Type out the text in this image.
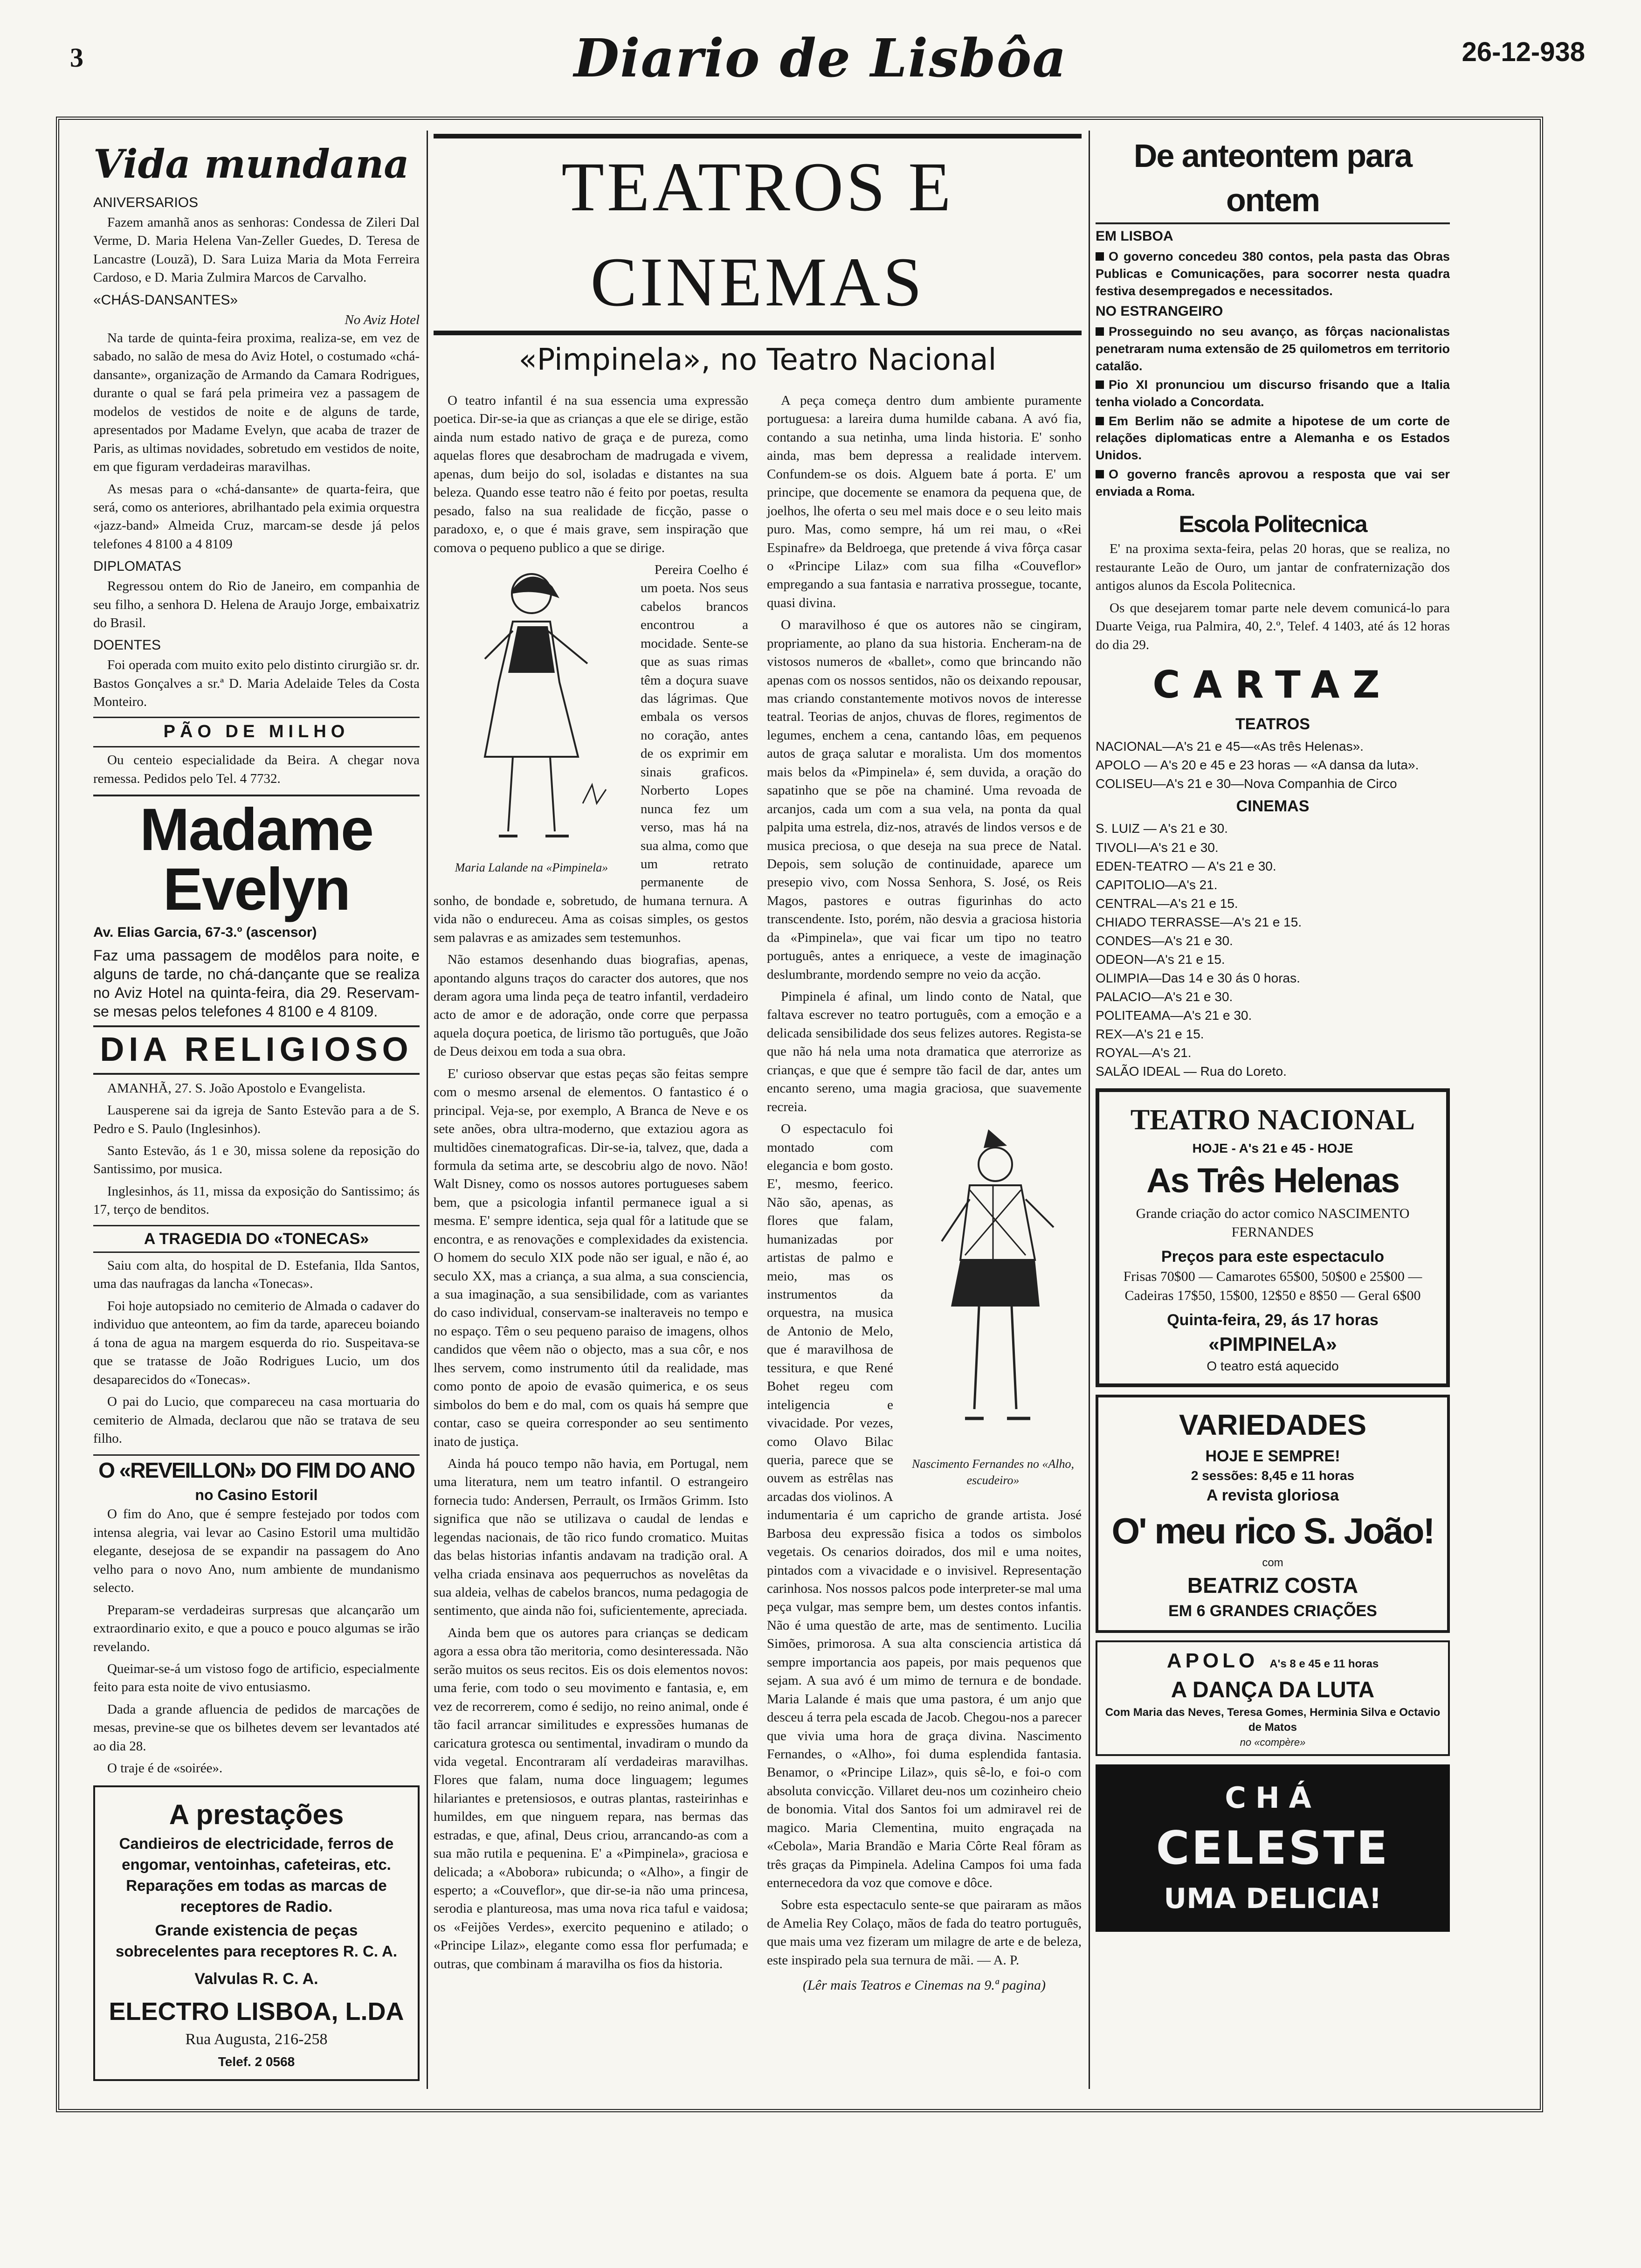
3	Diario de Lisbôa	26-12-938
Vida mundana
ANIVERSARIOS

Fazem amanhã anos as senhoras: Condessa de Zileri Dal Verme, D. Maria Helena Van-Zeller Guedes, D. Teresa de Lancastre (Louzã), D. Sara Luiza Maria da Mota Ferreira Cardoso, e D. Maria Zulmira Marcos de Carvalho.

«CHÁS-DANSANTES»
No Aviz Hotel

Na tarde de quinta-feira proxima, realiza-se, em vez de sabado, no salão de mesa do Aviz Hotel, o costumado «chá-dansante», organização de Armando da Camara Rodrigues, durante o qual se fará pela primeira vez a passagem de modelos de vestidos de noite e de alguns de tarde, apresentados por Madame Evelyn, que acaba de trazer de Paris, as ultimas novidades, sobretudo em vestidos de noite, em que figuram verdadeiras maravilhas.

As mesas para o «chá-dansante» de quarta-feira, que será, como os anteriores, abrilhantado pela eximia orquestra «jazz-band» Almeida Cruz, marcam-se desde já pelos telefones 4 8100 a 4 8109

DIPLOMATAS

Regressou ontem do Rio de Janeiro, em companhia de seu filho, a senhora D. Helena de Araujo Jorge, embaixatriz do Brasil.

DOENTES

Foi operada com muito exito pelo distinto cirurgião sr. dr. Bastos Gonçalves a sr.ª D. Maria Adelaide Teles da Costa Monteiro.

PÃO DE MILHO

Ou centeio especialidade da Beira. A chegar nova remessa. Pedidos pelo Tel. 4 7732.

Madame Evelyn

Av. Elias Garcia, 67-3.º (ascensor)

Faz uma passagem de modêlos para noite, e alguns de tarde, no chá-dançante que se realiza no Aviz Hotel na quinta-feira, dia 29. Reservam-se mesas pelos telefones 4 8100 e 4 8109.

DIA RELIGIOSO

AMANHÃ, 27. S. João Apostolo e Evangelista.

Lausperene sai da igreja de Santo Estevão para a de S. Pedro e S. Paulo (Inglesinhos).

Santo Estevão, ás 1 e 30, missa solene da reposição do Santissimo, por musica.

Inglesinhos, ás 11, missa da exposição do Santissimo; ás 17, terço de benditos.

A TRAGEDIA DO «TONECAS»

Saiu com alta, do hospital de D. Estefania, Ilda Santos, uma das naufragas da lancha «Tonecas».

Foi hoje autopsiado no cemiterio de Almada o cadaver do individuo que anteontem, ao fim da tarde, apareceu boiando á tona de agua na margem esquerda do rio. Suspeitava-se que se tratasse de João Rodrigues Lucio, um dos desaparecidos do «Tonecas».

O pai do Lucio, que compareceu na casa mortuaria do cemiterio de Almada, declarou que não se tratava de seu filho.

O «REVEILLON» DO FIM DO ANO
no Casino Estoril

O fim do Ano, que é sempre festejado por todos com intensa alegria, vai levar ao Casino Estoril uma multidão elegante, desejosa de se expandir na passagem do Ano velho para o novo Ano, num ambiente de mundanismo selecto.

Preparam-se verdadeiras surpresas que alcançarão um extraordinario exito, e que a pouco e pouco algumas se irão revelando.

Queimar-se-á um vistoso fogo de artificio, especialmente feito para esta noite de vivo entusiasmo.

Dada a grande afluencia de pedidos de marcações de mesas, previne-se que os bilhetes devem ser levantados até ao dia 28.

O traje é de «soirée».

A prestações
Candieiros de electricidade, ferros de engomar, ventoinhas, cafeteiras, etc. Reparações em todas as marcas de receptores de Radio.
Grande existencia de peças sobrecelentes para receptores R. C. A.
Valvulas R. C. A.
ELECTRO LISBOA, L.DA
Rua Augusta, 216-258
Telef. 2 0568
TEATROS E CINEMAS
«Pimpinela», no Teatro Nacional

O teatro infantil é na sua essencia uma expressão poetica. Dir-se-ia que as crianças a que ele se dirige, estão ainda num estado nativo de graça e de pureza, como aquelas flores que desabrocham de madrugada e vivem, apenas, dum beijo do sol, isoladas e distantes na sua beleza. Quando esse teatro não é feito por poetas, resulta pesado, falso na sua realidade de ficção, passe o paradoxo, e, o que é mais grave, sem inspiração que comova o pequeno publico a que se dirige.

Maria Lalande na «Pimpinela»

Pereira Coelho é um poeta. Nos seus cabelos brancos encontrou a mocidade. Sente-se que as suas rimas têm a doçura suave das lágrimas. Que embala os versos no coração, antes de os exprimir em sinais graficos. Norberto Lopes nunca fez um verso, mas há na sua alma, como que um retrato permanente de sonho, de bondade e, sobretudo, de humana ternura. A vida não o endureceu. Ama as coisas simples, os gestos sem palavras e as amizades sem testemunhos.

Não estamos desenhando duas biografias, apenas, apontando alguns traços do caracter dos autores, que nos deram agora uma linda peça de teatro infantil, verdadeiro acto de amor e de adoração, onde corre que perpassa aquela doçura poetica, de lirismo tão português, que João de Deus deixou em toda a sua obra.

E' curioso observar que estas peças são feitas sempre com o mesmo arsenal de elementos. O fantastico é o principal. Veja-se, por exemplo, A Branca de Neve e os sete anões, obra ultra-moderno, que extaziou agora as multidões cinematograficas. Dir-se-ia, talvez, que, dada a formula da setima arte, se descobriu algo de novo. Não! Walt Disney, como os nossos autores portugueses sabem bem, que a psicologia infantil permanece igual a si mesma. E' sempre identica, seja qual fôr a latitude que se encontra, e as renovações e complexidades da existencia. O homem do seculo XIX pode não ser igual, e não é, ao seculo XX, mas a criança, a sua alma, a sua consciencia, a sua imaginação, a sua sensibilidade, com as variantes do caso individual, conservam-se inalteraveis no tempo e no espaço. Têm o seu pequeno paraiso de imagens, olhos candidos que vêem não o objecto, mas a sua côr, e nos lhes servem, como instrumento útil da realidade, mas como ponto de apoio de evasão quimerica, e os seus simbolos do bem e do mal, com os quais há sempre que contar, caso se queira corresponder ao seu sentimento inato de justiça.

Ainda há pouco tempo não havia, em Portugal, nem uma literatura, nem um teatro infantil. O estrangeiro fornecia tudo: Andersen, Perrault, os Irmãos Grimm. Isto significa que não se utilizava o caudal de lendas e legendas nacionais, de tão rico fundo cromatico. Muitas das belas historias infantis andavam na tradição oral. A velha criada ensinava aos pequerruchos as novelêtas da sua aldeia, velhas de cabelos brancos, numa pedagogia de sentimento, que ainda não foi, suficientemente, apreciada.

Ainda bem que os autores para crianças se dedicam agora a essa obra tão meritoria, como desinteressada. Não serão muitos os seus recitos. Eis os dois elementos novos: uma ferie, com todo o seu movimento e fantasia, e, em vez de recorrerem, como é sedijo, no reino animal, onde é tão facil arrancar similitudes e expressões humanas de caricatura grotesca ou sentimental, invadiram o mundo da vida vegetal. Encontraram alí verdadeiras maravilhas. Flores que falam, numa doce linguagem; legumes hilariantes e pretensiosos, e outras plantas, rasteirinhas e humildes, em que ninguem repara, nas bermas das estradas, e que, afinal, Deus criou, arrancando-as com a sua mão rutila e pequenina. E' a «Pimpinela», graciosa e delicada; a «Abobora» rubicunda; o «Alho», a fingir de esperto; a «Couveflor», que dir-se-ia não uma princesa, serodia e plantureosa, mas uma nova rica taful e vaidosa; os «Feijões Verdes», exercito pequenino e atilado; o «Principe Lilaz», elegante como essa flor perfumada; e outras, que combinam á maravilha os fios da historia.

A peça começa dentro dum ambiente puramente portuguesa: a lareira duma humilde cabana. A avó fia, contando a sua netinha, uma linda historia. E' sonho ainda, mas bem depressa a realidade intervem. Confundem-se os dois. Alguem bate á porta. E' um principe, que docemente se enamora da pequena que, de joelhos, lhe oferta o seu mel mais doce e o seu leito mais puro. Mas, como sempre, há um rei mau, o «Rei Espinafre» da Beldroega, que pretende á viva fôrça casar o «Principe Lilaz» com sua filha «Couveflor» empregando a sua fantasia e narrativa prossegue, tocante, quasi divina.

O maravilhoso é que os autores não se cingiram, propriamente, ao plano da sua historia. Encheram-na de vistosos numeros de «ballet», como que brincando não apenas com os nossos sentidos, não os deixando repousar, mas criando constantemente motivos novos de interesse teatral. Teorias de anjos, chuvas de flores, regimentos de legumes, enchem a cena, cantando lôas, em pequenos autos de graça salutar e moralista. Um dos momentos mais belos da «Pimpinela» é, sem duvida, a oração do sapatinho que se põe na chaminé. Uma revoada de arcanjos, cada um com a sua vela, na ponta da qual palpita uma estrela, diz-nos, através de lindos versos e de musica preciosa, o que deseja na sua prece de Natal. Depois, sem solução de continuidade, aparece um presepio vivo, com Nossa Senhora, S. José, os Reis Magos, pastores e outras figurinhas do acto transcendente. Isto, porém, não desvia a graciosa historia da «Pimpinela», que vai ficar um tipo no teatro português, antes a enriquece, a veste de imaginação deslumbrante, mordendo sempre no veio da acção.

Pimpinela é afinal, um lindo conto de Natal, que faltava escrever no teatro português, com a emoção e a delicada sensibilidade dos seus felizes autores. Regista-se que não há nela uma nota dramatica que aterrorize as crianças, e que que é sempre tão facil de dar, antes um encanto sereno, uma magia graciosa, que suavemente recreia.

Nascimento Fernandes no «Alho, escudeiro»

O espectaculo foi montado com elegancia e bom gosto. E', mesmo, feerico. Não são, apenas, as flores que falam, humanizadas por artistas de palmo e meio, mas os instrumentos da orquestra, na musica de Antonio de Melo, que é maravilhosa de tessitura, e que René Bohet regeu com inteligencia e vivacidade. Por vezes, como Olavo Bilac queria, parece que se ouvem as estrêlas nas arcadas dos violinos. A indumentaria é um capricho de grande artista. José Barbosa deu expressão fisica a todos os simbolos vegetais. Os cenarios doirados, dos mil e uma noites, pintados com a vivacidade e o invisivel. Representação carinhosa. Nos nossos palcos pode interpreter-se mal uma peça vulgar, mas sempre bem, um destes contos infantis. Não é uma questão de arte, mas de sentimento. Lucilia Simões, primorosa. A sua alta consciencia artistica dá sempre importancia aos papeis, por mais pequenos que sejam. A sua avó é um mimo de ternura e de bondade. Maria Lalande é mais que uma pastora, é um anjo que desceu á terra pela escada de Jacob. Chegou-nos a parecer que vivia uma hora de graça divina. Nascimento Fernandes, o «Alho», foi duma esplendida fantasia. Benamor, o «Principe Lilaz», quis sê-lo, e foi-o com absoluta convicção. Villaret deu-nos um cozinheiro cheio de bonomia. Vital dos Santos foi um admiravel rei de magico. Maria Clementina, muito engraçada na «Cebola», Maria Brandão e Maria Côrte Real fôram as três graças da Pimpinela. Adelina Campos foi uma fada enternecedora da voz que comove e dôce.

Sobre esta espectaculo sente-se que pairaram as mãos de Amelia Rey Colaço, mãos de fada do teatro português, que mais uma vez fizeram um milagre de arte e de beleza, este inspirado pela sua ternura de mãi. — A. P.

(Lêr mais Teatros e Cinemas na 9.ª pagina)
De anteontem para ontem
EM LISBOA

O governo concedeu 380 contos, pela pasta das Obras Publicas e Comunicações, para socorrer nesta quadra festiva desempregados e necessitados.

NO ESTRANGEIRO

Prosseguindo no seu avanço, as fôrças nacionalistas penetraram numa extensão de 25 quilometros em territorio catalão.

Pio XI pronunciou um discurso frisando que a Italia tenha violado a Concordata.

Em Berlim não se admite a hipotese de um corte de relações diplomaticas entre a Alemanha e os Estados Unidos.

O governo francês aprovou a resposta que vai ser enviada a Roma.

Escola Politecnica

E' na proxima sexta-feira, pelas 20 horas, que se realiza, no restaurante Leão de Ouro, um jantar de confraternização dos antigos alunos da Escola Politecnica.

Os que desejarem tomar parte nele devem comunicá-lo para Duarte Veiga, rua Palmira, 40, 2.º, Telef. 4 1403, até ás 12 horas do dia 29.

CARTAZ
TEATROS

NACIONAL—A's 21 e 45—«As três Helenas».

APOLO — A's 20 e 45 e 23 horas — «A dansa da luta».

COLISEU—A's 21 e 30—Nova Companhia de Circo

CINEMAS

S. LUIZ — A's 21 e 30.

TIVOLI—A's 21 e 30.

EDEN-TEATRO — A's 21 e 30.

CAPITOLIO—A's 21.

CENTRAL—A's 21 e 15.

CHIADO TERRASSE—A's 21 e 15.

CONDES—A's 21 e 30.

ODEON—A's 21 e 15.

OLIMPIA—Das 14 e 30 ás 0 horas.

PALACIO—A's 21 e 30.

POLITEAMA—A's 21 e 30.

REX—A's 21 e 15.

ROYAL—A's 21.

SALÃO IDEAL — Rua do Loreto.

TEATRO NACIONAL
HOJE - A's 21 e 45 - HOJE
As Três Helenas
Grande criação do actor comico NASCIMENTO FERNANDES
Preços para este espectaculo
Frisas 70$00 — Camarotes 65$00, 50$00 e 25$00 — Cadeiras 17$50, 15$00, 12$50 e 8$50 — Geral 6$00
Quinta-feira, 29, ás 17 horas
«PIMPINELA»
O teatro está aquecido
VARIEDADES
HOJE E SEMPRE!
2 sessões: 8,45 e 11 horas
A revista gloriosa
O' meu rico S. João!
com
BEATRIZ COSTA
EM 6 GRANDES CRIAÇÕES
APOLO A's 8 e 45 e 11 horas
A DANÇA DA LUTA
Com Maria das Neves, Teresa Gomes, Herminia Silva e Octavio de Matos
no «compère»
CHÁ
CELESTE
UMA DELICIA!
